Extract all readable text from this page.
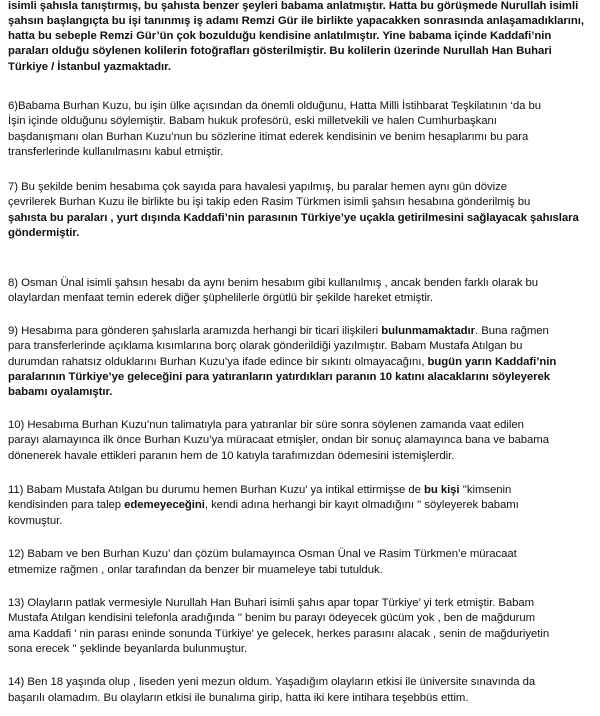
isimli şahısla tanıştırmış, bu şahısta benzer şeyleri babama anlatmıştır. Hatta bu görüşmede Nurullah isimli
şahsın başlangıçta bu işi tanınmış iş adamı Remzi Gür ile birlikte yapacakken sonrasında anlaşamadıklarını,
hatta bu sebeple Remzi Gür’ün çok bozulduğu kendisine anlatılmıştır. Yine babama içinde Kaddafi’nin
paraları olduğu söylenen kolilerin fotoğrafları gösterilmiştir. Bu kolilerin üzerinde Nurullah Han Buhari
Türkiye / İstanbul yazmaktadır.
6)Babama Burhan Kuzu, bu işin ülke açısından da önemli olduğunu, Hatta Milli İstihbarat Teşkilatının ‘da bu
İşin içinde olduğunu söylemiştir. Babam hukuk profesörü, eski milletvekili ve halen Cumhurbaşkanı
başdanışmanı olan Burhan Kuzu’nun bu sözlerine itimat ederek kendisinin ve benim hesaplarımı bu para
transferlerinde kullanılmasını kabul etmiştir.
7) Bu şekilde benim hesabıma çok sayıda para havalesi yapılmış, bu paralar hemen aynı gün dövize
çevrilerek Burhan Kuzu ile birlikte bu işi takip eden Rasim Türkmen isimli şahsın hesabına gönderilmiş bu
şahısta bu paraları , yurt dışında Kaddafi’nin parasının Türkiye’ye uçakla getirilmesini sağlayacak şahıslara
göndermiştir.
8) Osman Ünal isimli şahsın hesabı da aynı benim hesabım gibi kullanılmış , ancak benden farklı olarak bu
olaylardan menfaat temin ederek diğer şüphelilerle örgütlü bir şekilde hareket etmiştir.
9) Hesabıma para gönderen şahıslarla aramızda herhangi bir ticari ilişkileri bulunmamaktadır. Buna rağmen
para transferlerinde açıklama kısımlarına borç olarak gönderildiği yazılmıştır. Babam Mustafa Atılgan bu
durumdan rahatsız olduklarını Burhan Kuzu’ya ifade edince bir sıkıntı olmayacağını, bugün yarın Kaddafi’nin
paralarının Türkiye’ye geleceğini para yatıranların yatırdıkları paranın 10 katını alacaklarını söyleyerek
babamı oyalamıştır.
10) Hesabıma Burhan Kuzu’nun talimatıyla para yatıranlar bir süre sonra söylenen zamanda vaat edilen
parayı alamayınca ilk önce Burhan Kuzu’ya müracaat etmişler, ondan bir sonuç alamayınca bana ve babama
dönenerek havale ettikleri paranın hem de 10 katıyla tarafımızdan ödemesini istemişlerdir.
11) Babam Mustafa Atılgan bu durumu hemen Burhan Kuzu’ ya intikal ettirmişse de bu kişi ''kimsenin
kendisinden para talep edemeyeceğini, kendi adına herhangi bir kayıt olmadığını '' söyleyerek babamı
kovmuştur.
12) Babam ve ben Burhan Kuzu’ dan çözüm bulamayınca Osman Ünal ve Rasim Türkmen’e müracaat
etmemize rağmen , onlar tarafından da benzer bir muameleye tabi tutulduk.
13) Olayların patlak vermesiyle Nurullah Han Buhari isimli şahıs apar topar Türkiye’ yi terk etmiştir. Babam
Mustafa Atılgan kendisini telefonla aradığında '' benim bu parayı ödeyecek gücüm yok , ben de mağdurum
ama Kaddafi ' nin parası eninde sonunda Türkiye' ye gelecek, herkes parasını alacak , senin de mağduriyetin
sona erecek '' şeklinde beyanlarda bulunmuştur.
14) Ben 18 yaşında olup , liseden yeni mezun oldum. Yaşadığım olayların etkisi ile üniversite sınavında da
başarılı olamadım. Bu olayların etkisi ile bunalıma girip, hatta iki kere intihara teşebbüs ettim.
